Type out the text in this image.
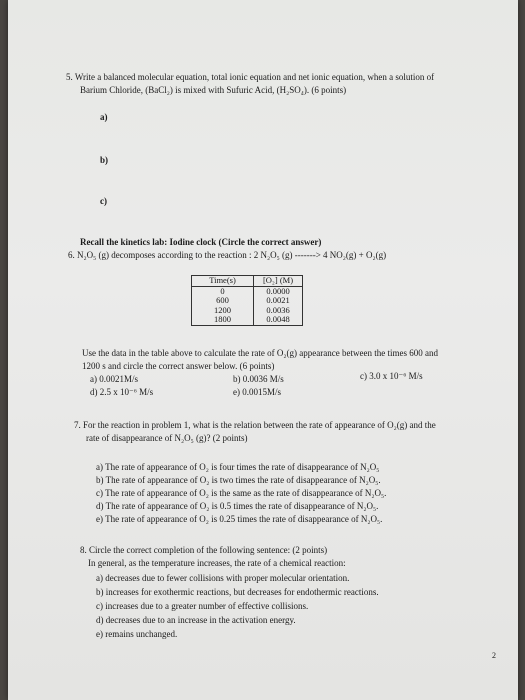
5. Write a balanced molecular equation, total ionic equation and net ionic equation, when a solution of
Barium Chloride, (BaCl₂) is mixed with Sufuric Acid, (H₂SO₄). (6 points)
a)
b)
c)
Recall the kinetics lab: Iodine clock (Circle the correct answer)
6. N₂O₅ (g) decomposes according to the reaction : 2 N₂O₅ (g) -------> 4 NO₂(g) + O₂(g)
Time(s)	[O₂] (M)
0	0.0000
600	0.0021
1200	0.0036
1800	0.0048
Use the data in the table above to calculate the rate of O₂(g) appearance between the times 600 and
1200 s and circle the correct answer below. (6 points)
a) 0.0021M/s	b) 0.0036 M/s	c) 3.0 x 10⁻⁶ M/s
d) 2.5 x 10⁻⁶ M/s	e) 0.0015M/s
7. For the reaction in problem 1, what is the relation between the rate of appearance of O₂(g) and the
rate of disappearance of N₂O₅ (g)? (2 points)
a) The rate of appearance of O₂ is four times the rate of disappearance of N₂O₅
b) The rate of appearance of O₂ is two times the rate of disappearance of N₂O₅.
c) The rate of appearance of O₂ is the same as the rate of disappearance of N₂O₅.
d) The rate of appearance of O₂ is 0.5 times the rate of disappearance of N₂O₅.
e) The rate of appearance of O₂ is 0.25 times the rate of disappearance of N₂O₅.
8. Circle the correct completion of the following sentence: (2 points)
In general, as the temperature increases, the rate of a chemical reaction:
a) decreases due to fewer collisions with proper molecular orientation.
b) increases for exothermic reactions, but decreases for endothermic reactions.
c) increases due to a greater number of effective collisions.
d) decreases due to an increase in the activation energy.
e) remains unchanged.
2
